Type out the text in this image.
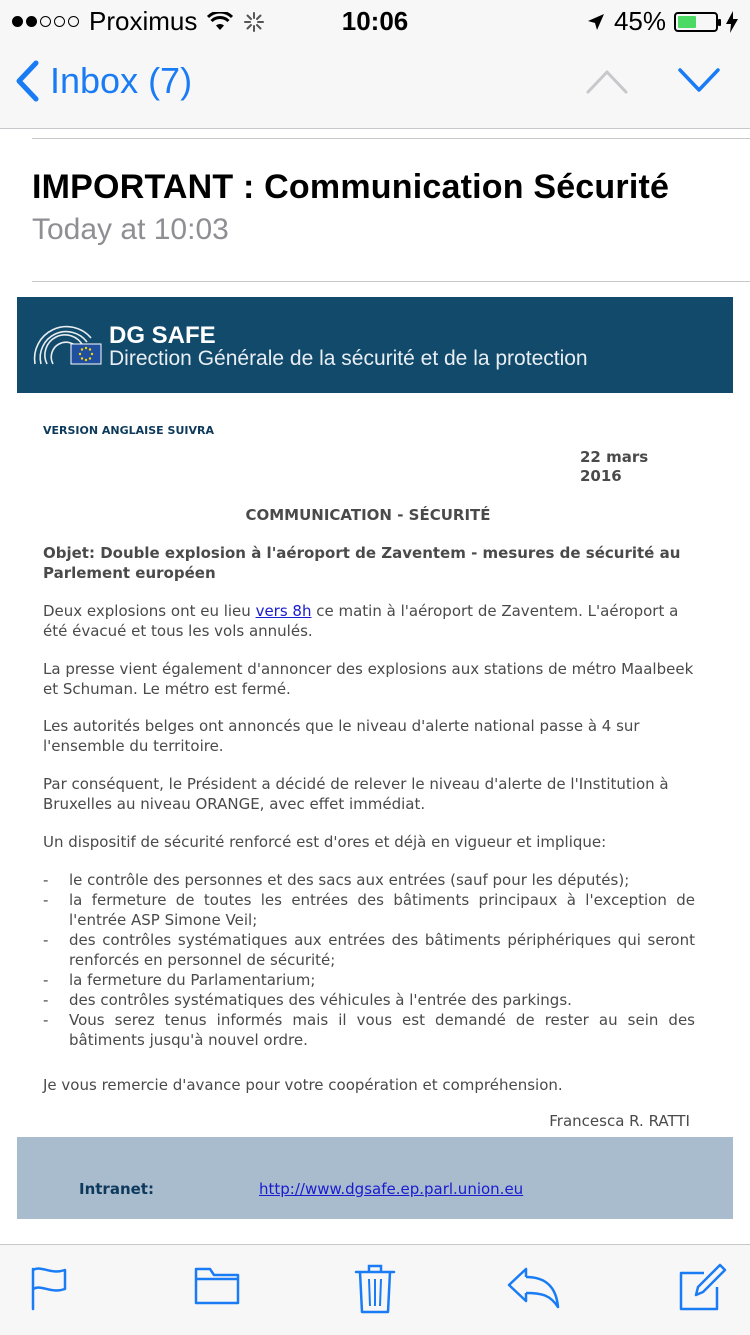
Proximus	10:06	45%
Inbox (7)
IMPORTANT : Communication Sécurité
Today at 10:03
DG SAFE
Direction Générale de la sécurité et de la protection
VERSION ANGLAISE SUIVRA
22 mars
2016
COMMUNICATION - SÉCURITÉ
Objet: Double explosion à l'aéroport de Zaventem - mesures de sécurité au Parlement européen
Deux explosions ont eu lieu vers 8h ce matin à l'aéroport de Zaventem. L'aéroport a été évacué et tous les vols annulés.
La presse vient également d'annoncer des explosions aux stations de métro Maalbeek et Schuman. Le métro est fermé.
Les autorités belges ont annoncés que le niveau d'alerte national passe à 4 sur l'ensemble du territoire.
Par conséquent, le Président a décidé de relever le niveau d'alerte de l'Institution à Bruxelles au niveau ORANGE, avec effet immédiat.
Un dispositif de sécurité renforcé est d'ores et déjà en vigueur et implique:
- le contrôle des personnes et des sacs aux entrées (sauf pour les députés);
- la fermeture de toutes les entrées des bâtiments principaux à l'exception de l'entrée ASP Simone Veil;
- des contrôles systématiques aux entrées des bâtiments périphériques qui seront renforcés en personnel de sécurité;
- la fermeture du Parlamentarium;
- des contrôles systématiques des véhicules à l'entrée des parkings.
- Vous serez tenus informés mais il vous est demandé de rester au sein des bâtiments jusqu'à nouvel ordre.
Je vous remercie d'avance pour votre coopération et compréhension.
Francesca R. RATTI
Intranet:	http://www.dgsafe.ep.parl.union.eu
